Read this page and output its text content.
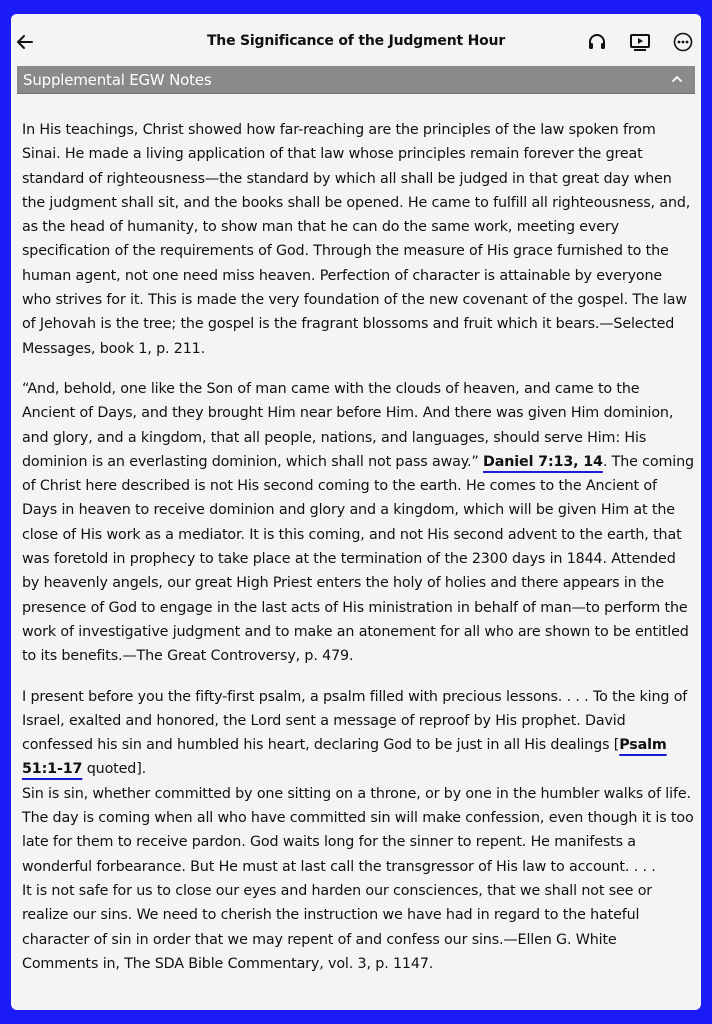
The Significance of the Judgment Hour
Supplemental EGW Notes

In His teachings, Christ showed how far-reaching are the principles of the law spoken from Sinai. He made a living application of that law whose principles remain forever the great standard of righteousness—the standard by which all shall be judged in that great day when the judgment shall sit, and the books shall be opened. He came to fulfill all righteousness, and, as the head of humanity, to show man that he can do the same work, meeting every specification of the requirements of God. Through the measure of His grace furnished to the human agent, not one need miss heaven. Perfection of character is attainable by everyone who strives for it. This is made the very foundation of the new covenant of the gospel. The law of Jehovah is the tree; the gospel is the fragrant blossoms and fruit which it bears.—Selected Messages, book 1, p. 211.

“And, behold, one like the Son of man came with the clouds of heaven, and came to the Ancient of Days, and they brought Him near before Him. And there was given Him dominion, and glory, and a kingdom, that all people, nations, and languages, should serve Him: His dominion is an everlasting dominion, which shall not pass away.” Daniel 7:13, 14. The coming of Christ here described is not His second coming to the earth. He comes to the Ancient of Days in heaven to receive dominion and glory and a kingdom, which will be given Him at the close of His work as a mediator. It is this coming, and not His second advent to the earth, that was foretold in prophecy to take place at the termination of the 2300 days in 1844. Attended by heavenly angels, our great High Priest enters the holy of holies and there appears in the presence of God to engage in the last acts of His ministration in behalf of man—to perform the work of investigative judgment and to make an atonement for all who are shown to be entitled to its benefits.—The Great Controversy, p. 479.

I present before you the fifty-first psalm, a psalm filled with precious lessons. . . . To the king of Israel, exalted and honored, the Lord sent a message of reproof by His prophet. David confessed his sin and humbled his heart, declaring God to be just in all His dealings [Psalm 51:1-17 quoted].

Sin is sin, whether committed by one sitting on a throne, or by one in the humbler walks of life. The day is coming when all who have committed sin will make confession, even though it is too late for them to receive pardon. God waits long for the sinner to repent. He manifests a wonderful forbearance. But He must at last call the transgressor of His law to account. . . .

It is not safe for us to close our eyes and harden our consciences, that we shall not see or realize our sins. We need to cherish the instruction we have had in regard to the hateful character of sin in order that we may repent of and confess our sins.—Ellen G. White Comments in, The SDA Bible Commentary, vol. 3, p. 1147.
